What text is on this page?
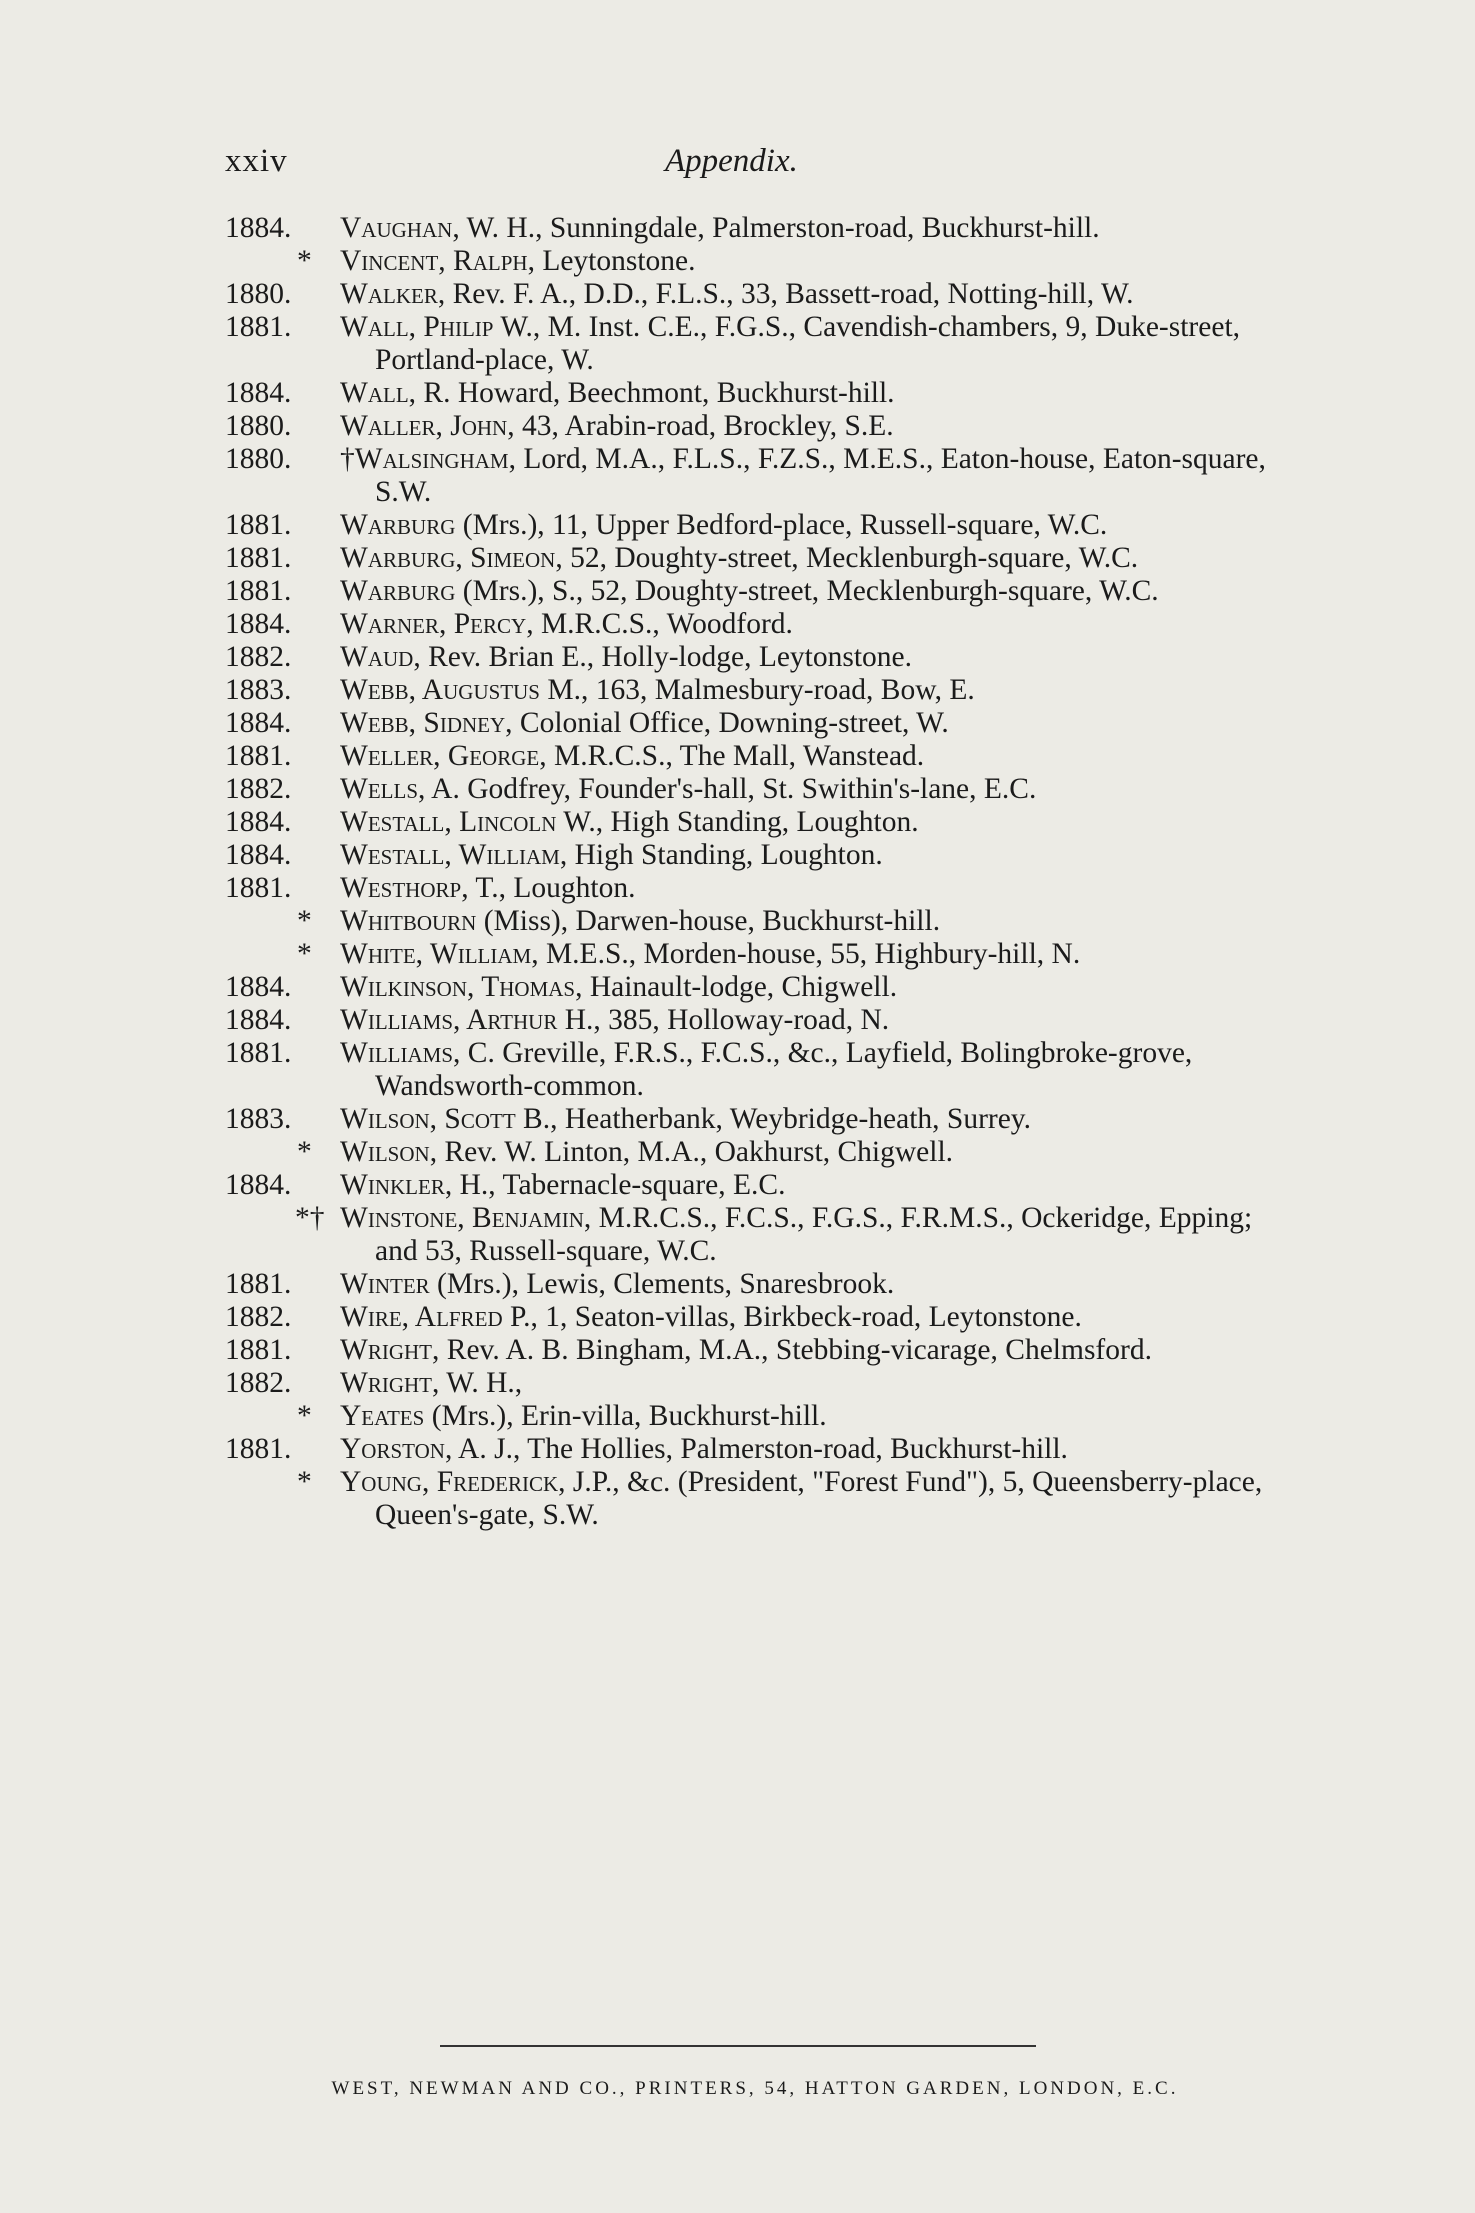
xxiv	Appendix.
1884. Vaughan, W. H., Sunningdale, Palmerston-road, Buckhurst-hill.
* Vincent, Ralph, Leytonstone.
1880. Walker, Rev. F. A., D.D., F.L.S., 33, Bassett-road, Notting-hill, W.
1881. Wall, Philip W., M. Inst. C.E., F.G.S., Cavendish-chambers, 9, Duke-street, Portland-place, W.
1884. Wall, R. Howard, Beechmont, Buckhurst-hill.
1880. Waller, John, 43, Arabin-road, Brockley, S.E.
1880. †Walsingham, Lord, M.A., F.L.S., F.Z.S., M.E.S., Eaton-house, Eaton-square, S.W.
1881. Warburg (Mrs.), 11, Upper Bedford-place, Russell-square, W.C.
1881. Warburg, Simeon, 52, Doughty-street, Mecklenburgh-square, W.C.
1881. Warburg (Mrs.), S., 52, Doughty-street, Mecklenburgh-square, W.C.
1884. Warner, Percy, M.R.C.S., Woodford.
1882. Waud, Rev. Brian E., Holly-lodge, Leytonstone.
1883. Webb, Augustus M., 163, Malmesbury-road, Bow, E.
1884. Webb, Sidney, Colonial Office, Downing-street, W.
1881. Weller, George, M.R.C.S., The Mall, Wanstead.
1882. Wells, A. Godfrey, Founder's-hall, St. Swithin's-lane, E.C.
1884. Westall, Lincoln W., High Standing, Loughton.
1884. Westall, William, High Standing, Loughton.
1881. Westhorp, T., Loughton.
* Whitbourn (Miss), Darwen-house, Buckhurst-hill.
* White, William, M.E.S., Morden-house, 55, Highbury-hill, N.
1884. Wilkinson, Thomas, Hainault-lodge, Chigwell.
1884. Williams, Arthur H., 385, Holloway-road, N.
1881. Williams, C. Greville, F.R.S., F.C.S., &c., Layfield, Bolingbroke-grove, Wandsworth-common.
1883. Wilson, Scott B., Heatherbank, Weybridge-heath, Surrey.
* Wilson, Rev. W. Linton, M.A., Oakhurst, Chigwell.
1884. Winkler, H., Tabernacle-square, E.C.
*† Winstone, Benjamin, M.R.C.S., F.C.S., F.G.S., F.R.M.S., Ockeridge, Epping; and 53, Russell-square, W.C.
1881. Winter (Mrs.), Lewis, Clements, Snaresbrook.
1882. Wire, Alfred P., 1, Seaton-villas, Birkbeck-road, Leytonstone.
1881. Wright, Rev. A. B. Bingham, M.A., Stebbing-vicarage, Chelmsford.
1882. Wright, W. H.,
* Yeates (Mrs.), Erin-villa, Buckhurst-hill.
1881. Yorston, A. J., The Hollies, Palmerston-road, Buckhurst-hill.
* Young, Frederick, J.P., &c. (President, "Forest Fund"), 5, Queensberry-place, Queen's-gate, S.W.
WEST, NEWMAN AND CO., PRINTERS, 54, HATTON GARDEN, LONDON, E.C.
